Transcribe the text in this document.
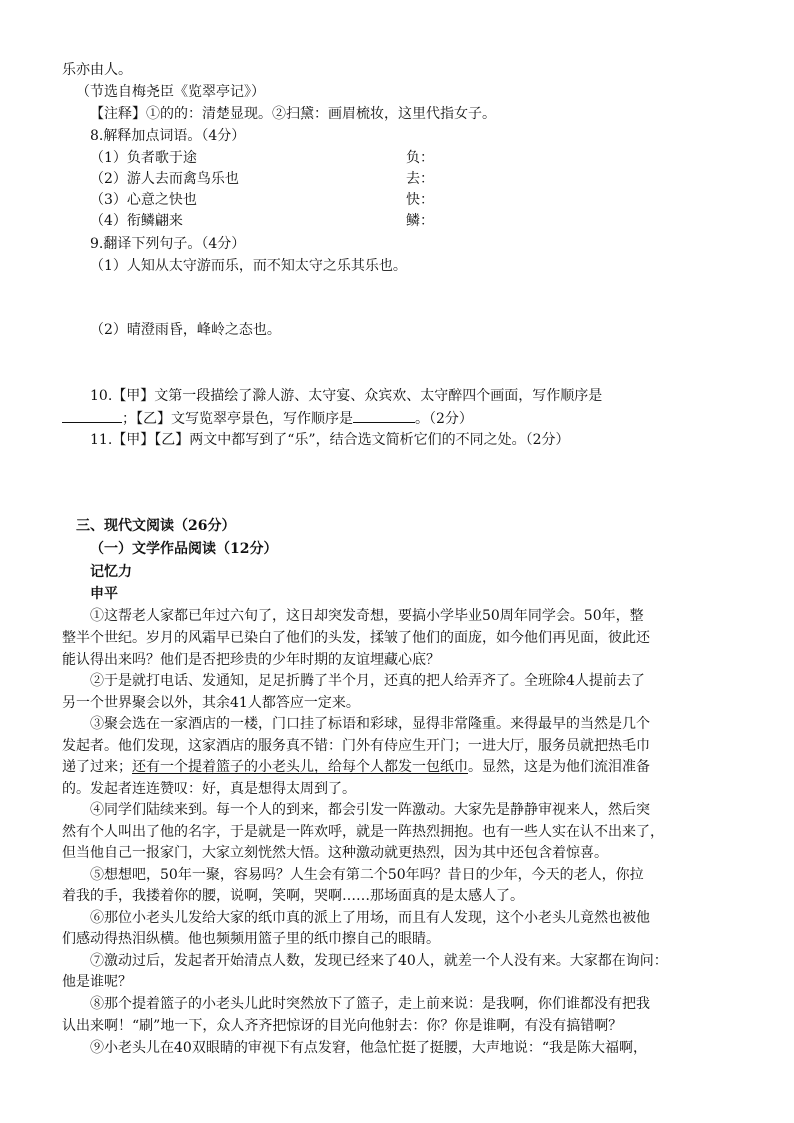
乐亦由人。
（节选自梅尧臣《览翠亭记》）
【注释】①的的：清楚显现。②扫黛：画眉梳妆，这里代指女子。
8.解释加点词语。（4分）
（1）负者歌于途	负：
（2）游人去而禽鸟乐也	去：
（3）心意之快也	快：
（4）衔鳞翩来	鳞：
9.翻译下列句子。（4分）
（1）人知从太守游而乐，而不知太守之乐其乐也。
（2）晴澄雨昏，峰岭之态也。
10.【甲】文第一段描绘了滁人游、太守宴、众宾欢、太守醉四个画面，写作顺序是
；【乙】文写览翠亭景色，写作顺序是	。（2分）
11.【甲】【乙】两文中都写到了“乐”，结合选文简析它们的不同之处。（2分）
三、现代文阅读（26分）
（一）文学作品阅读（12分）
记忆力
申平
①这帮老人家都已年过六旬了，这日却突发奇想，要搞小学毕业50周年同学会。50年，整
整半个世纪。岁月的风霜早已染白了他们的头发，揉皱了他们的面庞，如今他们再见面，彼此还
能认得出来吗？他们是否把珍贵的少年时期的友谊埋藏心底？
②于是就打电话、发通知，足足折腾了半个月，还真的把人给弄齐了。全班除4人提前去了
另一个世界聚会以外，其余41人都答应一定来。
③聚会选在一家酒店的一楼，门口挂了标语和彩球，显得非常隆重。来得最早的当然是几个
发起者。他们发现，这家酒店的服务真不错：门外有侍应生开门；一进大厅，服务员就把热毛巾
递了过来；还有一个提着篮子的小老头儿，给每个人都发一包纸巾。显然，这是为他们流泪准备
的。发起者连连赞叹：好，真是想得太周到了。
④同学们陆续来到。每一个人的到来，都会引发一阵激动。大家先是静静审视来人，然后突
然有个人叫出了他的名字，于是就是一阵欢呼，就是一阵热烈拥抱。也有一些人实在认不出来了，
但当他自己一报家门，大家立刻恍然大悟。这种激动就更热烈，因为其中还包含着惊喜。
⑤想想吧，50年一聚，容易吗？人生会有第二个50年吗？昔日的少年，今天的老人，你拉
着我的手，我搂着你的腰，说啊，笑啊，哭啊……那场面真的是太感人了。
⑥那位小老头儿发给大家的纸巾真的派上了用场，而且有人发现，这个小老头儿竟然也被他
们感动得热泪纵横。他也频频用篮子里的纸巾擦自己的眼睛。
⑦激动过后，发起者开始清点人数，发现已经来了40人，就差一个人没有来。大家都在询问：
他是谁呢？
⑧那个提着篮子的小老头儿此时突然放下了篮子，走上前来说：是我啊，你们谁都没有把我
认出来啊！“刷”地一下，众人齐齐把惊讶的目光向他射去：你？你是谁啊，有没有搞错啊？
⑨小老头儿在40双眼睛的审视下有点发窘，他急忙挺了挺腰，大声地说：“我是陈大福啊，
